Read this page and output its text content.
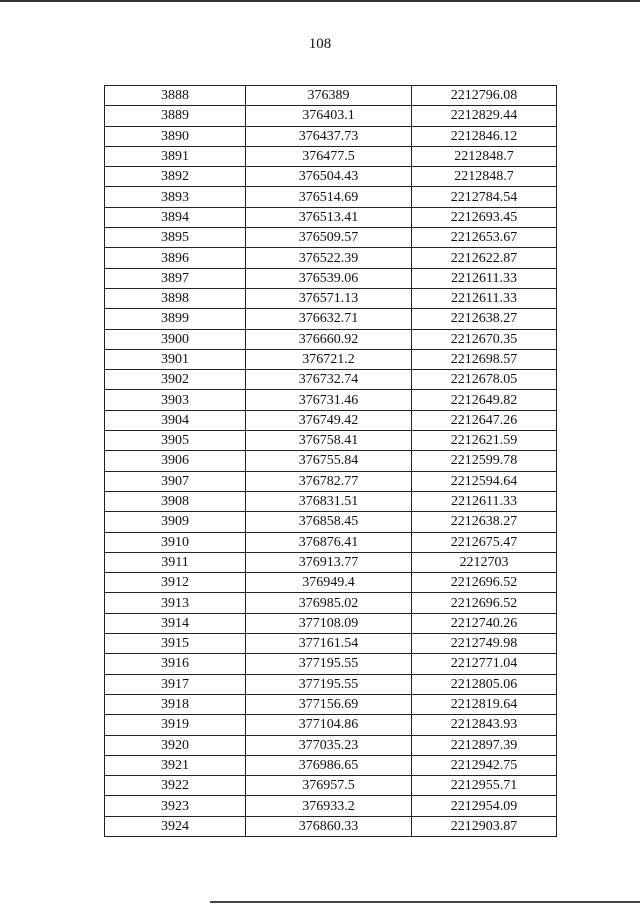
108
3888	376389	2212796.08
3889	376403.1	2212829.44
3890	376437.73	2212846.12
3891	376477.5	2212848.7
3892	376504.43	2212848.7
3893	376514.69	2212784.54
3894	376513.41	2212693.45
3895	376509.57	2212653.67
3896	376522.39	2212622.87
3897	376539.06	2212611.33
3898	376571.13	2212611.33
3899	376632.71	2212638.27
3900	376660.92	2212670.35
3901	376721.2	2212698.57
3902	376732.74	2212678.05
3903	376731.46	2212649.82
3904	376749.42	2212647.26
3905	376758.41	2212621.59
3906	376755.84	2212599.78
3907	376782.77	2212594.64
3908	376831.51	2212611.33
3909	376858.45	2212638.27
3910	376876.41	2212675.47
3911	376913.77	2212703
3912	376949.4	2212696.52
3913	376985.02	2212696.52
3914	377108.09	2212740.26
3915	377161.54	2212749.98
3916	377195.55	2212771.04
3917	377195.55	2212805.06
3918	377156.69	2212819.64
3919	377104.86	2212843.93
3920	377035.23	2212897.39
3921	376986.65	2212942.75
3922	376957.5	2212955.71
3923	376933.2	2212954.09
3924	376860.33	2212903.87
